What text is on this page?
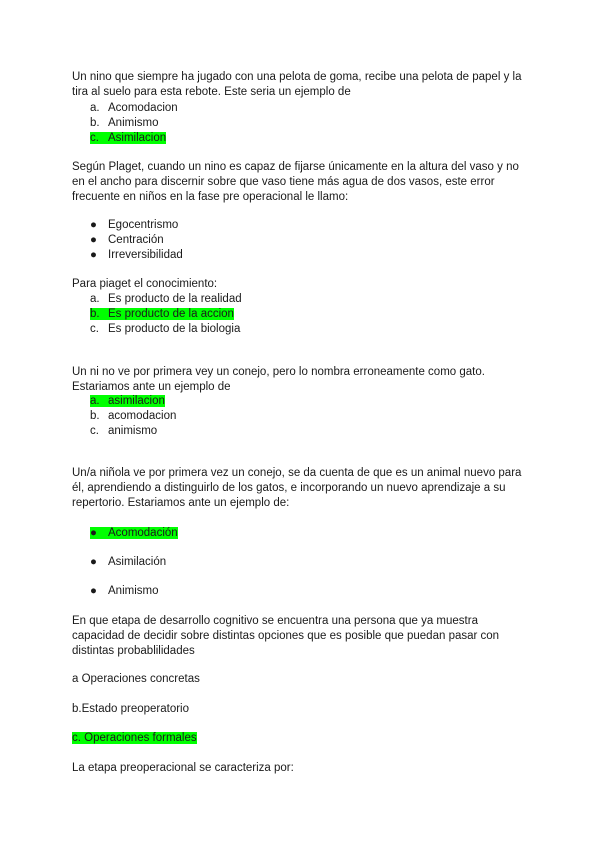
Un nino que siempre ha jugado con una pelota de goma, recibe una pelota de papel y la tira al suelo para esta rebote. Este seria un ejemplo de

a. Acomodacion
b. Animismo
c. Asimilacion

Según Plaget, cuando un nino es capaz de fijarse únicamente en la altura del vaso y no en el ancho para discernir sobre que vaso tiene más agua de dos vasos, este error frecuente en niños en la fase pre operacional le llamo:

● Egocentrismo
● Centración
● Irreversibilidad

Para piaget el conocimiento:

a. Es producto de la realidad
b. Es producto de la accion
c. Es producto de la biologia

Un ni no ve por primera vey un conejo, pero lo nombra erroneamente como gato. Estariamos ante un ejemplo de

a. asimilacion
b. acomodacion
c. animismo

Un/a niñola ve por primera vez un conejo, se da cuenta de que es un animal nuevo para él, aprendiendo a distinguirlo de los gatos, e incorporando un nuevo aprendizaje a su repertorio. Estariamos ante un ejemplo de:

● Acomodación
● Asimilación
● Animismo

En que etapa de desarrollo cognitivo se encuentra una persona que ya muestra capacidad de decidir sobre distintas opciones que es posible que puedan pasar con distintas probablilidades

a Operaciones concretas
b.Estado preoperatorio
c. Operaciones formales

La etapa preoperacional se caracteriza por:
